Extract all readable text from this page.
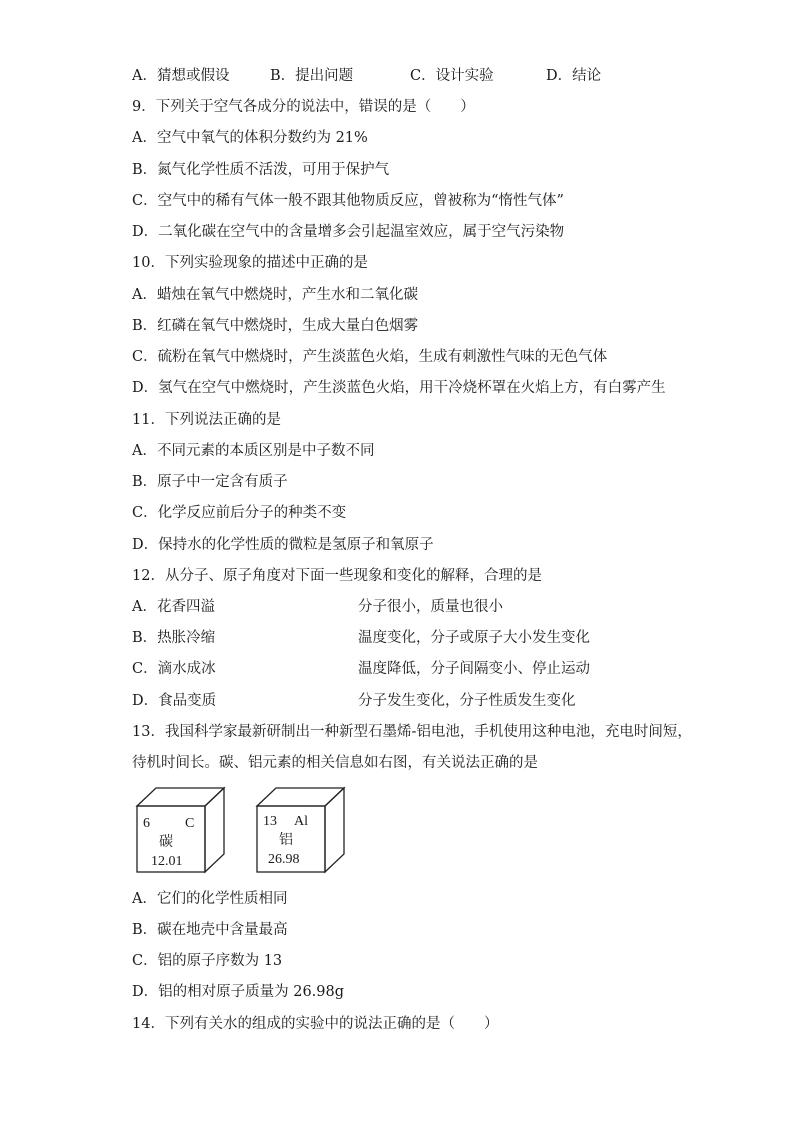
A．猜想或假设	B．提出问题	C．设计实验	D．结论
9．下列关于空气各成分的说法中，错误的是（　　）
A．空气中氧气的体积分数约为 21%
B．氮气化学性质不活泼，可用于保护气
C．空气中的稀有气体一般不跟其他物质反应，曾被称为“惰性气体”
D．二氧化碳在空气中的含量增多会引起温室效应，属于空气污染物
10．下列实验现象的描述中正确的是
A．蜡烛在氧气中燃烧时，产生水和二氧化碳
B．红磷在氧气中燃烧时，生成大量白色烟雾
C．硫粉在氧气中燃烧时，产生淡蓝色火焰，生成有刺激性气味的无色气体
D．氢气在空气中燃烧时，产生淡蓝色火焰，用干冷烧杯罩在火焰上方，有白雾产生
11．下列说法正确的是
A．不同元素的本质区别是中子数不同
B．原子中一定含有质子
C．化学反应前后分子的种类不变
D．保持水的化学性质的微粒是氢原子和氧原子
12．从分子、原子角度对下面一些现象和变化的解释，合理的是
A．花香四溢	分子很小，质量也很小
B．热胀冷缩	温度变化，分子或原子大小发生变化
C．滴水成冰	温度降低，分子间隔变小、停止运动
D．食品变质	分子发生变化，分子性质发生变化
13．我国科学家最新研制出一种新型石墨烯-铝电池，手机使用这种电池，充电时间短，
待机时间长。碳、铝元素的相关信息如右图，有关说法正确的是
6	C
碳
12.01
13 Al
铝
26.98
A．它们的化学性质相同
B．碳在地壳中含量最高
C．铝的原子序数为 13
D．铝的相对原子质量为 26.98g
14．下列有关水的组成的实验中的说法正确的是（　　）
